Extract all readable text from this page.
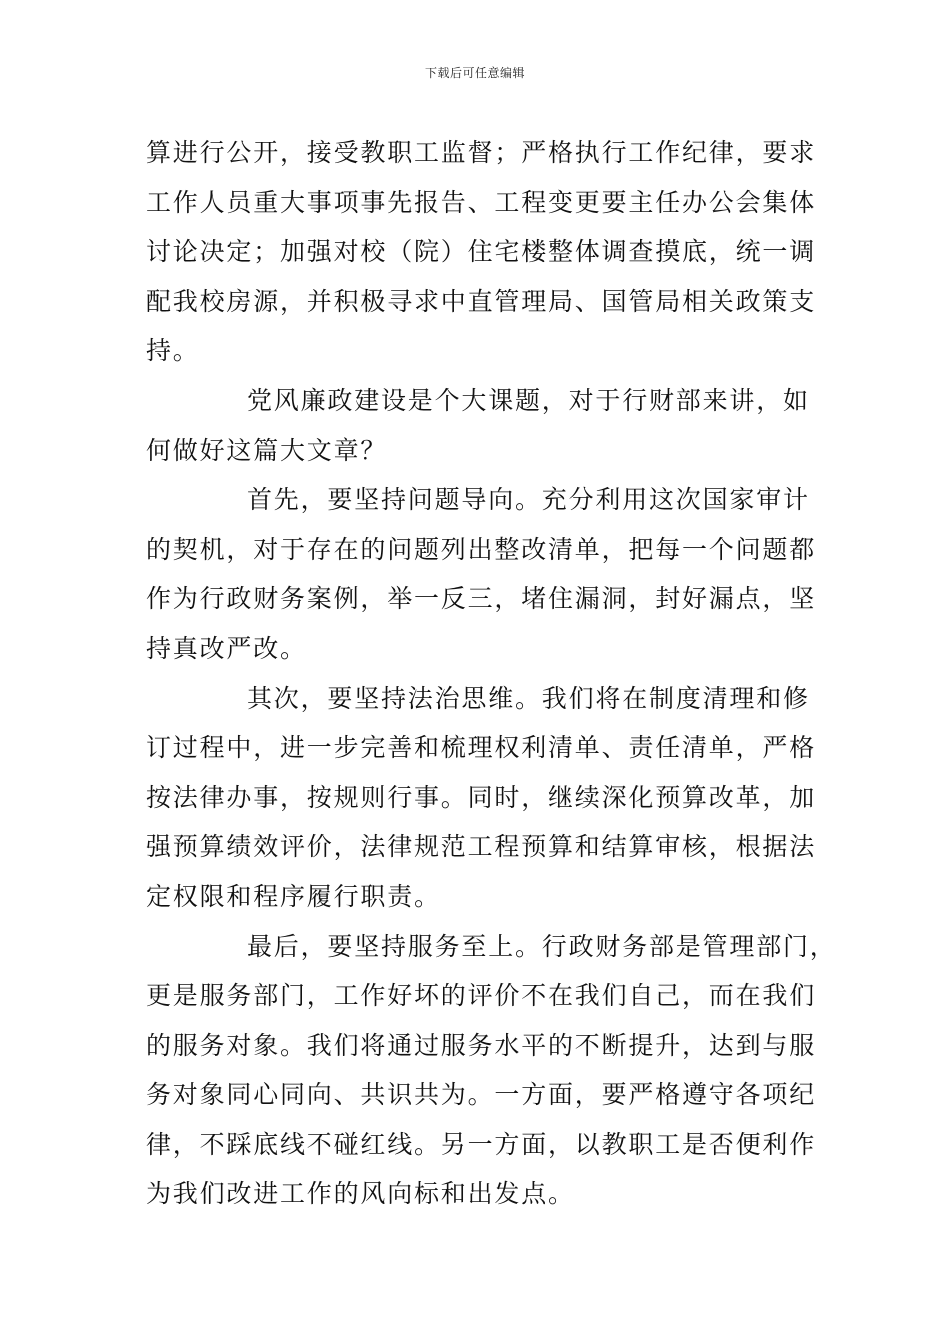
下载后可任意编辑
算进行公开，接受教职工监督；严格执行工作纪律，要求
工作人员重大事项事先报告、工程变更要主任办公会集体
讨论决定；加强对校（院）住宅楼整体调查摸底，统一调
配我校房源，并积极寻求中直管理局、国管局相关政策支
持。
党风廉政建设是个大课题，对于行财部来讲，如
何做好这篇大文章？
首先，要坚持问题导向。充分利用这次国家审计
的契机，对于存在的问题列出整改清单，把每一个问题都
作为行政财务案例，举一反三，堵住漏洞，封好漏点，坚
持真改严改。
其次，要坚持法治思维。我们将在制度清理和修
订过程中，进一步完善和梳理权利清单、责任清单，严格
按法律办事，按规则行事。同时，继续深化预算改革，加
强预算绩效评价，法律规范工程预算和结算审核，根据法
定权限和程序履行职责。
最后，要坚持服务至上。行政财务部是管理部门，
更是服务部门，工作好坏的评价不在我们自己，而在我们
的服务对象。我们将通过服务水平的不断提升，达到与服
务对象同心同向、共识共为。一方面，要严格遵守各项纪
律，不踩底线不碰红线。另一方面，以教职工是否便利作
为我们改进工作的风向标和出发点。
